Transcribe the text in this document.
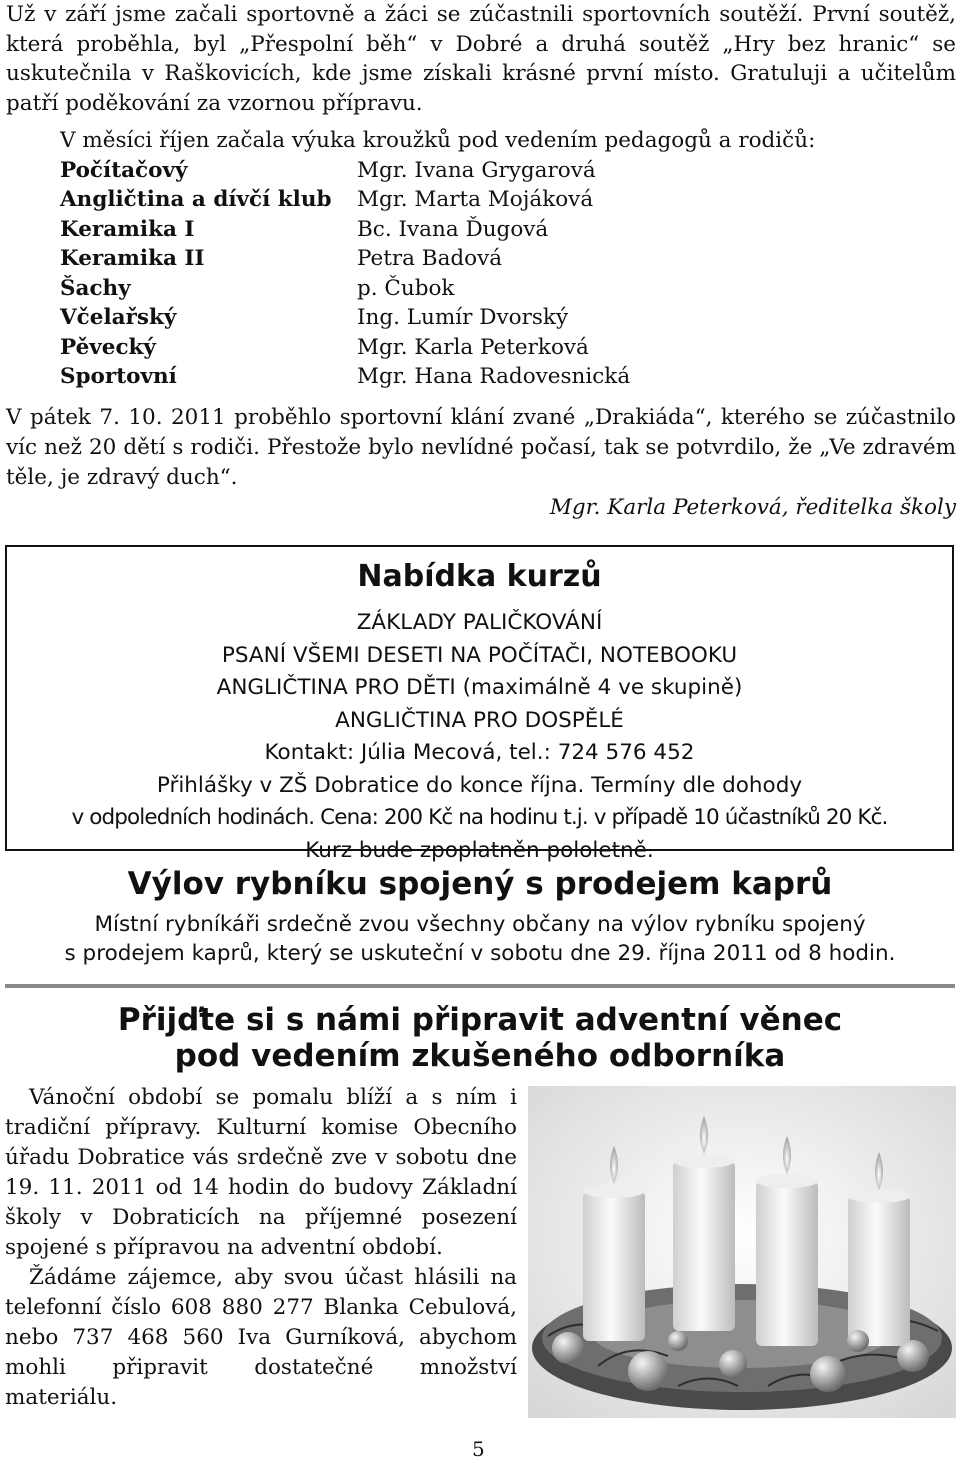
Už v září jsme začali sportovně a žáci se zúčastnili sportovních soutěží. První soutěž, která proběhla, byl „Přespolní běh“ v Dobré a druhá soutěž „Hry bez hranic“ se uskutečnila v Raškovicích, kde jsme získali krásné první místo. Gratuluji a učitelům patří poděkování za vzornou přípravu.

V měsíci říjen začala výuka kroužků pod vedením pedagogů a rodičů:

Počítačový	Mgr. Ivana Grygarová
Angličtina a dívčí klub	Mgr. Marta Mojáková
Keramika I	Bc. Ivana Ďugová
Keramika II	Petra Badová
Šachy	p. Čubok
Včelařský	Ing. Lumír Dvorský
Pěvecký	Mgr. Karla Peterková
Sportovní	Mgr. Hana Radovesnická

V pátek 7. 10. 2011 proběhlo sportovní klání zvané „Drakiáda“, kterého se zúčastnilo víc než 20 dětí s rodiči. Přestože bylo nevlídné počasí, tak se potvrdilo, že „Ve zdravém těle, je zdravý duch“.

Mgr. Karla Peterková, ředitelka školy
Nabídka kurzů
ZÁKLADY PALIČKOVÁNÍ
PSANÍ VŠEMI DESETI NA POČÍTAČI, NOTEBOOKU
ANGLIČTINA PRO DĚTI (maximálně 4 ve skupině)
ANGLIČTINA PRO DOSPĚLÉ
Kontakt: Júlia Mecová, tel.: 724 576 452
Přihlášky v ZŠ Dobratice do konce října. Termíny dle dohody
v odpoledních hodinách. Cena: 200 Kč na hodinu t.j. v případě 10 účastníků 20 Kč.
Kurz bude zpoplatněn pololetně.
Výlov rybníku spojený s prodejem kaprů
Místní rybníkáři srdečně zvou všechny občany na výlov rybníku spojený
s prodejem kaprů, který se uskuteční v sobotu dne 29. října 2011 od 8 hodin.
Přijďte si s námi připravit adventní věnec
pod vedením zkušeného odborníka

Vánoční období se pomalu blíží a s ním i tradiční přípravy. Kulturní komise Obecního úřadu Dobratice vás srdečně zve v sobotu dne 19. 11. 2011 od 14 hodin do budovy Základní školy v Dobraticích na příjemné posezení spojené s přípravou na adventní období.

Žádáme zájemce, aby svou účast hlásili na telefonní číslo 608 880 277 Blanka Cebulová, nebo 737 468 560 Iva Gurníková, abychom mohli připravit dostatečné množství materiálu.

5
